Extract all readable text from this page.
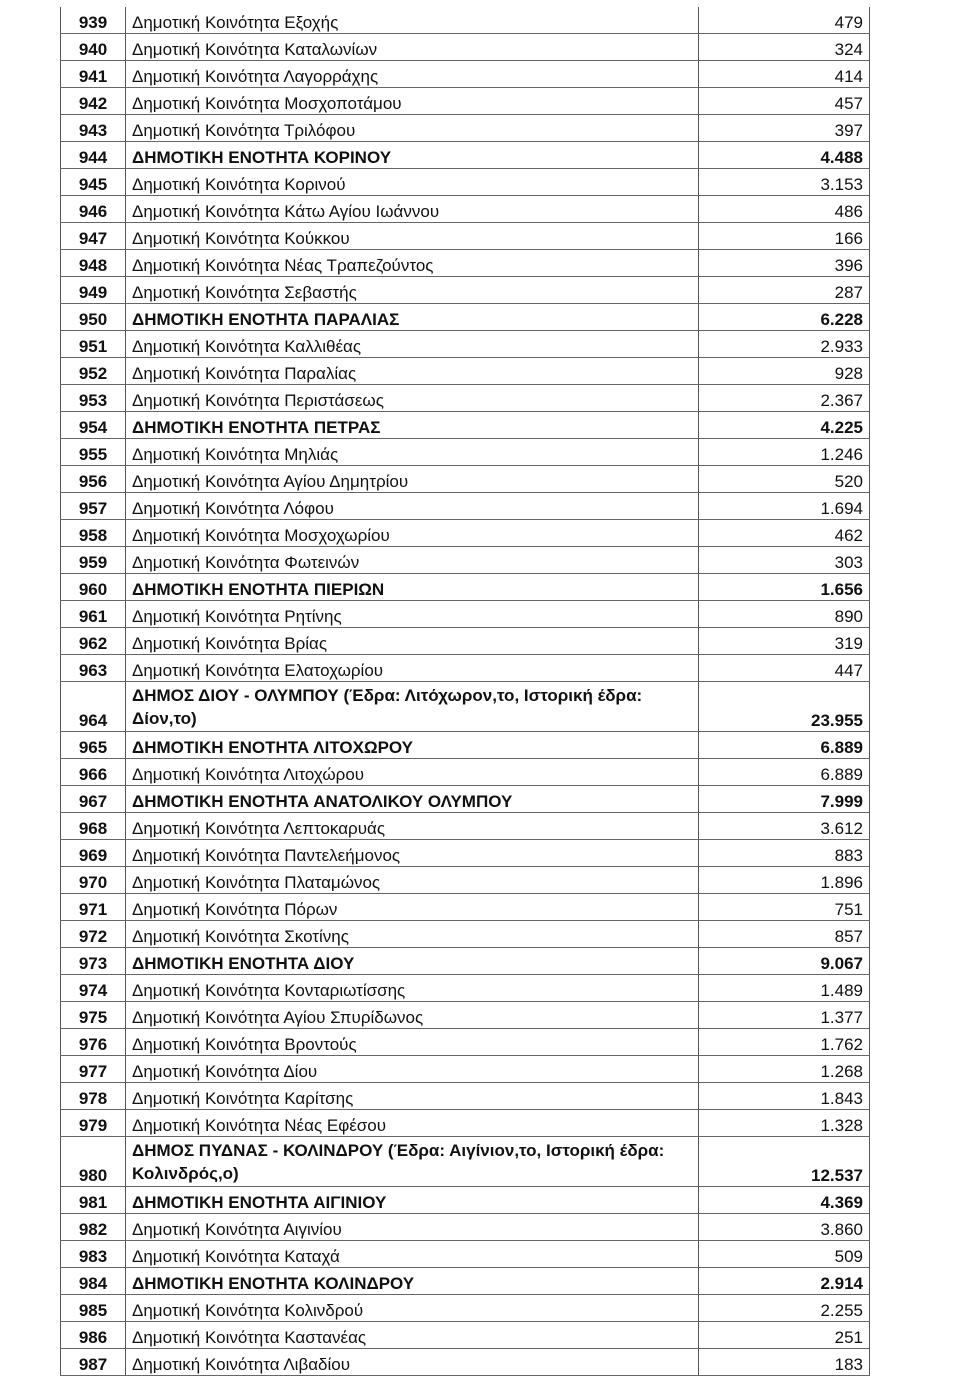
939	Δημοτική Κοινότητα Εξοχής	479
940	Δημοτική Κοινότητα Καταλωνίων	324
941	Δημοτική Κοινότητα Λαγορράχης	414
942	Δημοτική Κοινότητα Μοσχοποτάμου	457
943	Δημοτική Κοινότητα Τριλόφου	397
944	ΔΗΜΟΤΙΚΗ ΕΝΟΤΗΤΑ ΚΟΡΙΝΟΥ	4.488
945	Δημοτική Κοινότητα Κορινού	3.153
946	Δημοτική Κοινότητα Κάτω Αγίου Ιωάννου	486
947	Δημοτική Κοινότητα Κούκκου	166
948	Δημοτική Κοινότητα Νέας Τραπεζούντος	396
949	Δημοτική Κοινότητα Σεβαστής	287
950	ΔΗΜΟΤΙΚΗ ΕΝΟΤΗΤΑ ΠΑΡΑΛΙΑΣ	6.228
951	Δημοτική Κοινότητα Καλλιθέας	2.933
952	Δημοτική Κοινότητα Παραλίας	928
953	Δημοτική Κοινότητα Περιστάσεως	2.367
954	ΔΗΜΟΤΙΚΗ ΕΝΟΤΗΤΑ ΠΕΤΡΑΣ	4.225
955	Δημοτική Κοινότητα Μηλιάς	1.246
956	Δημοτική Κοινότητα Αγίου Δημητρίου	520
957	Δημοτική Κοινότητα Λόφου	1.694
958	Δημοτική Κοινότητα Μοσχοχωρίου	462
959	Δημοτική Κοινότητα Φωτεινών	303
960	ΔΗΜΟΤΙΚΗ ΕΝΟΤΗΤΑ ΠΙΕΡΙΩΝ	1.656
961	Δημοτική Κοινότητα Ρητίνης	890
962	Δημοτική Κοινότητα Βρίας	319
963	Δημοτική Κοινότητα Ελατοχωρίου	447
964	ΔΗΜΟΣ ΔΙΟΥ - ΟΛΥΜΠΟΥ (Έδρα: Λιτόχωρον,το, Ιστορική έδρα: Δίον,το)	23.955
965	ΔΗΜΟΤΙΚΗ ΕΝΟΤΗΤΑ ΛΙΤΟΧΩΡΟΥ	6.889
966	Δημοτική Κοινότητα Λιτοχώρου	6.889
967	ΔΗΜΟΤΙΚΗ ΕΝΟΤΗΤΑ ΑΝΑΤΟΛΙΚΟΥ ΟΛΥΜΠΟΥ	7.999
968	Δημοτική Κοινότητα Λεπτοκαρυάς	3.612
969	Δημοτική Κοινότητα Παντελεήμονος	883
970	Δημοτική Κοινότητα Πλαταμώνος	1.896
971	Δημοτική Κοινότητα Πόρων	751
972	Δημοτική Κοινότητα Σκοτίνης	857
973	ΔΗΜΟΤΙΚΗ ΕΝΟΤΗΤΑ ΔΙΟΥ	9.067
974	Δημοτική Κοινότητα Κονταριωτίσσης	1.489
975	Δημοτική Κοινότητα Αγίου Σπυρίδωνος	1.377
976	Δημοτική Κοινότητα Βροντούς	1.762
977	Δημοτική Κοινότητα Δίου	1.268
978	Δημοτική Κοινότητα Καρίτσης	1.843
979	Δημοτική Κοινότητα Νέας Εφέσου	1.328
980	ΔΗΜΟΣ ΠΥΔΝΑΣ - ΚΟΛΙΝΔΡΟΥ (Έδρα: Αιγίνιον,το, Ιστορική έδρα: Κολινδρός,ο)	12.537
981	ΔΗΜΟΤΙΚΗ ΕΝΟΤΗΤΑ ΑΙΓΙΝΙΟΥ	4.369
982	Δημοτική Κοινότητα Αιγινίου	3.860
983	Δημοτική Κοινότητα Καταχά	509
984	ΔΗΜΟΤΙΚΗ ΕΝΟΤΗΤΑ ΚΟΛΙΝΔΡΟΥ	2.914
985	Δημοτική Κοινότητα Κολινδρού	2.255
986	Δημοτική Κοινότητα Καστανέας	251
987	Δημοτική Κοινότητα Λιβαδίου	183
